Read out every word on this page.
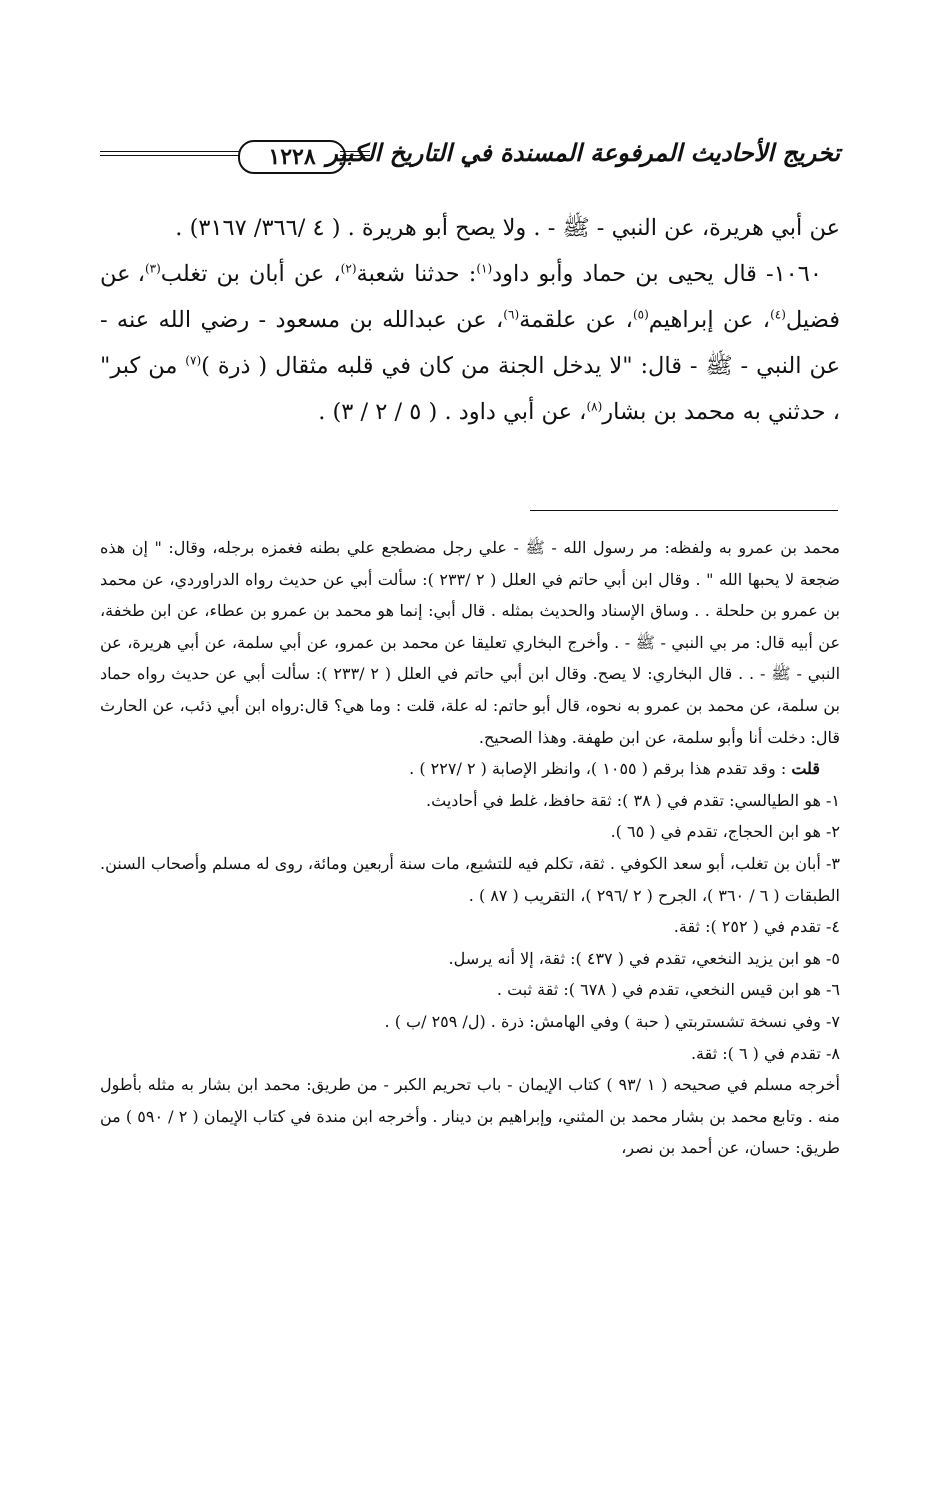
١٢٢٨ تخريج الأحاديث المرفوعة المسندة في التاريخ الكبير

عن أبي هريرة، عن النبي - ﷺ - . ولا يصح أبو هريرة . ( ٤ /٣٦٦/ ٣١٦٧) .

١٠٦٠- قال يحيى بن حماد وأبو داود$^{(١)}$: حدثنا شعبة$^{(٢)}$، عن أبان بن تغلب$^{(٣)}$، عن فضيل$^{(٤)}$، عن إبراهيم$^{(٥)}$، عن علقمة$^{(٦)}$، عن عبدالله بن مسعود - رضي الله عنه - عن النبي - ﷺ - قال: "لا يدخل الجنة من كان في قلبه مثقال ( ذرة )$^{(٧)}$ من كبر" ، حدثني به محمد بن بشار$^{(٨)}$، عن أبي داود . ( ٥ / ٢ / ٣) .

محمد بن عمرو به ولفظه: مر رسول الله - ﷺ - علي رجل مضطجع علي بطنه فغمزه برجله، وقال: " إن هذه ضجعة لا يحبها الله " . وقال ابن أبي حاتم في العلل ( ٢ /٢٣٣ ): سألت أبي عن حديث رواه الدراوردي، عن محمد بن عمرو بن حلحلة . . وساق الإسناد والحديث بمثله . قال أبي: إنما هو محمد بن عمرو بن عطاء، عن ابن طخفة، عن أبيه قال: مر بي النبي - ﷺ - . وأخرج البخاري تعليقا عن محمد بن عمرو، عن أبي سلمة، عن أبي هريرة، عن النبي - ﷺ - . . قال البخاري: لا يصح. وقال ابن أبي حاتم في العلل ( ٢ /٢٣٣ ): سألت أبي عن حديث رواه حماد بن سلمة، عن محمد بن عمرو به نحوه، قال أبو حاتم: له علة، قلت : وما هي؟ قال:رواه ابن أبي ذئب، عن الحارث قال: دخلت أنا وأبو سلمة، عن ابن طهفة. وهذا الصحيح.

قلت : وقد تقدم هذا برقم ( ١٠٥٥ )، وانظر الإصابة ( ٢ /٢٢٧ ) .

١- هو الطيالسي: تقدم في ( ٣٨ ): ثقة حافظ، غلط في أحاديث.

٢- هو ابن الحجاج، تقدم في ( ٦٥ ).

٣- أبان بن تغلب، أبو سعد الكوفي . ثقة، تكلم فيه للتشيع، مات سنة أربعين ومائة، روى له مسلم وأصحاب السنن. الطبقات ( ٦ / ٣٦٠ )، الجرح ( ٢ /٢٩٦ )، التقريب ( ٨٧ ) .

٤- تقدم في ( ٢٥٢ ): ثقة.

٥- هو ابن يزيد النخعي، تقدم في ( ٤٣٧ ): ثقة، إلا أنه يرسل.

٦- هو ابن قيس النخعي، تقدم في ( ٦٧٨ ): ثقة ثبت .

٧- وفي نسخة تشستربتي ( حبة ) وفي الهامش: ذرة . (ل/ ٢٥٩ /ب ) .

٨- تقدم في ( ٦ ): ثقة.

أخرجه مسلم في صحيحه ( ١ /٩٣ ) كتاب الإيمان - باب تحريم الكبر - من طريق: محمد ابن بشار به مثله بأطول منه . وتابع محمد بن بشار محمد بن المثني، وإبراهيم بن دينار . وأخرجه ابن مندة في كتاب الإيمان ( ٢ / ٥٩٠ ) من طريق: حسان، عن أحمد بن نصر،
